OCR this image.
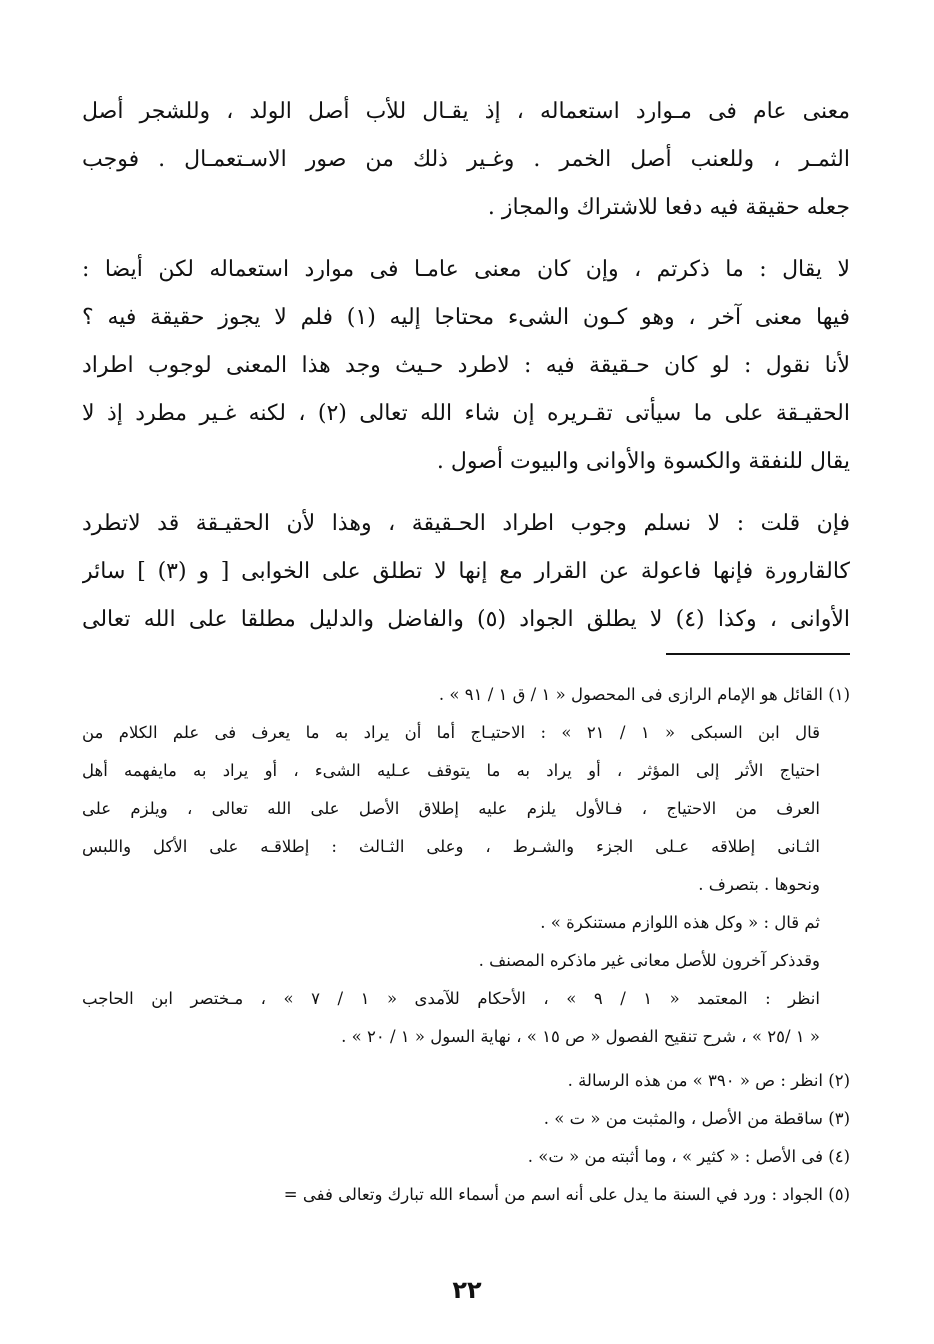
معنى عام فى مـوارد استعماله ، إذ يقـال للأب أصل الولد ، وللشجر أصل
الثمـر ، وللعنب أصل الخمر . وغـير ذلك من صور الاسـتعمـال . فوجب
جعله حقيقة فيه دفعا للاشتراك والمجاز .
لا يقال : ما ذكرتم ، وإن كان معنى عامـا فى موارد استعماله لكن أيضا :
فيها معنى آخر ، وهو كـون الشىء محتاجا إليه (١) فلم لا يجوز حقيقة فيه ؟
لأنا نقول : لو كان حـقيقة فيه : لاطرد حـيث وجد هذا المعنى لوجوب اطراد
الحقيـقة على ما سيأتى تقـريره إن شاء الله تعالى (٢) ، لكنه غـير مطرد إذ لا
يقال للنفقة والكسوة والأوانى والبيوت أصول .
فإن قلت : لا نسلم وجوب اطراد الحـقيقة ، وهذا لأن الحقيـقة قد لاتطرد
كالقارورة فإنها فاعولة عن القرار مع إنها لا تطلق على الخوابى [ و (٣) ] سائر
الأوانى ، وكذا (٤) لا يطلق الجواد (٥) والفاضل والدليل مطلقا على الله تعالى
(١) القائل هو الإمام الرازى فى المحصول « ١ / ق ١ / ٩١ » .
قال ابن السبكى « ١ / ٢١ » : الاحتيـاج أما أن يراد به ما يعرف فى علم الكلام من
احتياج الأثر إلى المؤثر ، أو يراد به ما يتوقف عـليه الشىء ، أو يراد به مايفهمه أهل
العرف من الاحتياج ، فـالأول يلزم عليه إطلاق الأصل على الله تعالى ، ويلزم على
الثـانى إطلاقه عـلى الجزء والشـرط ، وعلى الثـالث : إطلاقـه على الأكل واللبس
ونحوها . بتصرف .
ثم قال : « وكل هذه اللوازم مستنكرة » .
وقدذكر آخرون للأصل معانى غير ماذكره المصنف .
انظر : المعتمد « ١ / ٩ » ، الأحكام للآمدى « ١ / ٧ » ، مـختصر ابن الحاجب
« ١ /٢٥ » ، شرح تنقيح الفصول « ص ١٥ » ، نهاية السول « ١ / ٢٠ » .
(٢) انظر : ص « ٣٩٠ » من هذه الرسالة .
(٣) ساقطة من الأصل ، والمثبت من « ت » .
(٤) فى الأصل : « كثير » ، وما أثبته من « ت» .
(٥) الجواد : ورد في السنة ما يدل على أنه اسم من أسماء الله تبارك وتعالى ففى =
٢٢
